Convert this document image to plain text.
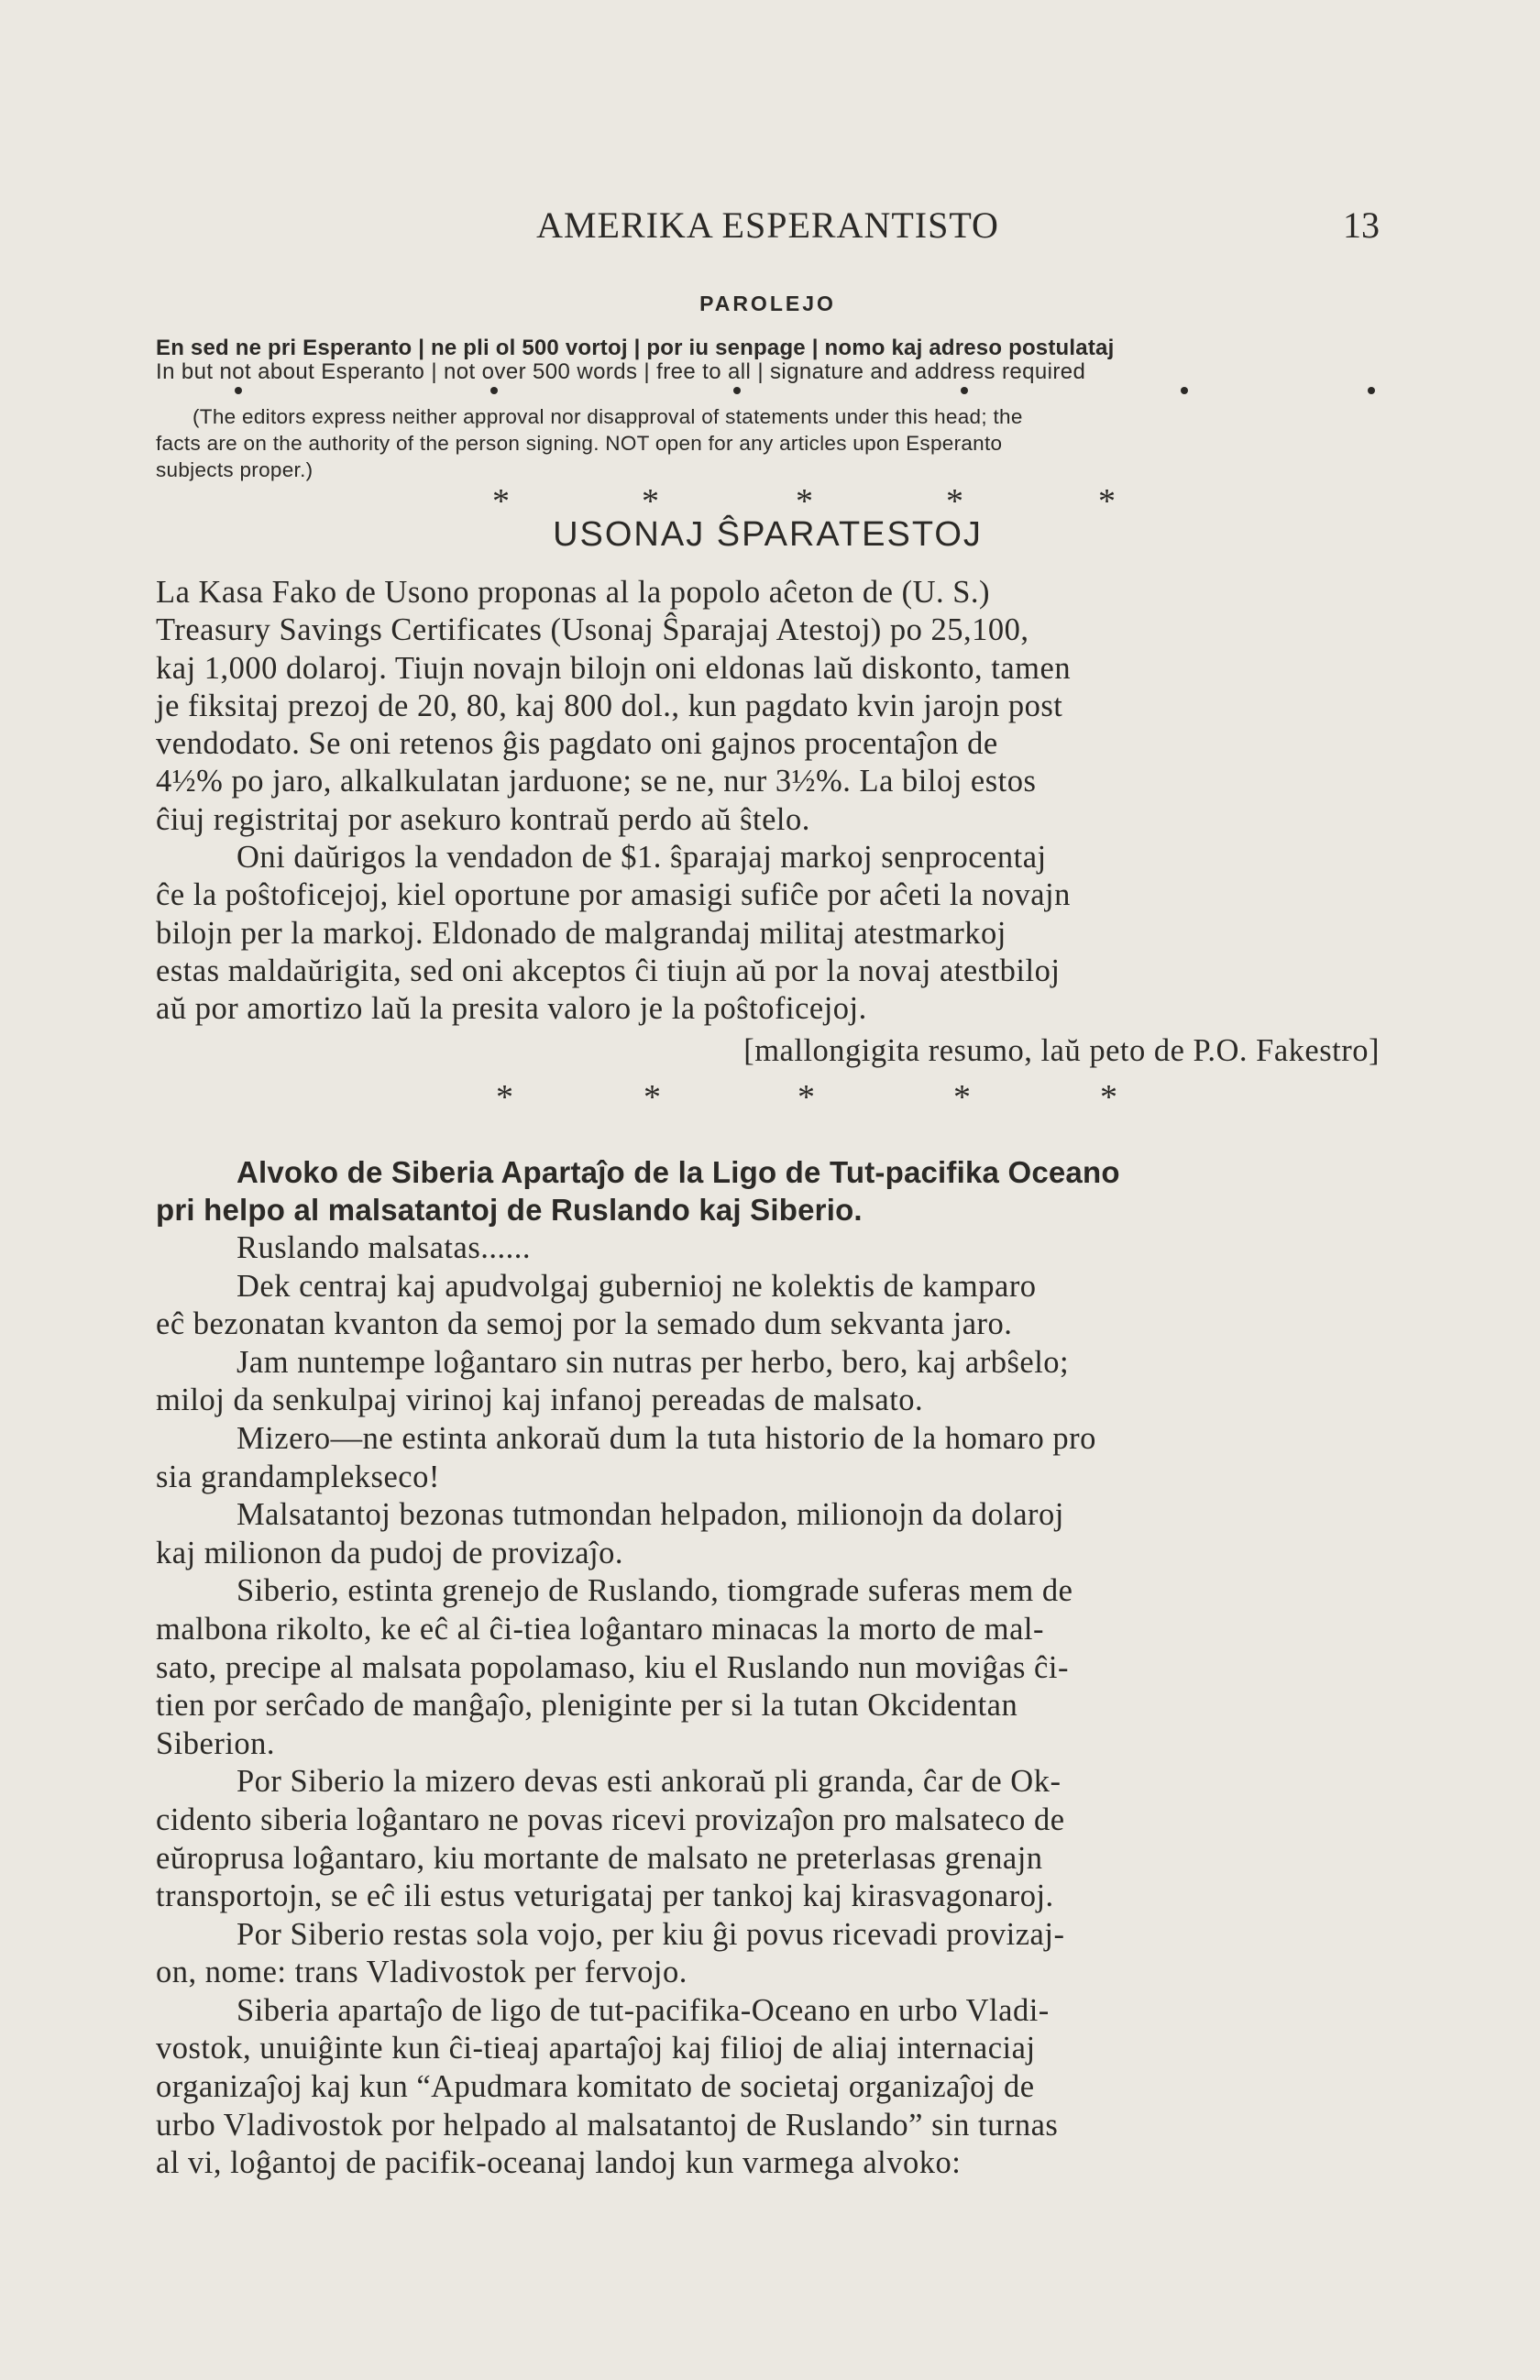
AMERIKA ESPERANTISTO	13
PAROLEJO
En sed ne pri Esperanto | ne pli ol 500 vortoj | por iu senpage | nomo kaj adreso postulataj
In but not about Esperanto | not over 500 words | free to all | signature and address required
(The editors express neither approval nor disapproval of statements under this head; the
facts are on the authority of the person signing. NOT open for any articles upon Esperanto
subjects proper.)
*	*	*	*	*
USONAJ ŜPARATESTOJ
La Kasa Fako de Usono proponas al la popolo aĉeton de (U. S.)
Treasury Savings Certificates (Usonaj Ŝparajaj Atestoj) po 25,100,
kaj 1,000 dolaroj. Tiujn novajn bilojn oni eldonas laŭ diskonto, tamen
je fiksitaj prezoj de 20, 80, kaj 800 dol., kun pagdato kvin jarojn post
vendodato. Se oni retenos ĝis pagdato oni gajnos procentaĵon de
4½% po jaro, alkalkulatan jarduone; se ne, nur 3½%. La biloj estos
ĉiuj registritaj por asekuro kontraŭ perdo aŭ ŝtelo.
Oni daŭrigos la vendadon de $1. ŝparajaj markoj senprocentaj
ĉe la poŝtoficejoj, kiel oportune por amasigi sufiĉe por aĉeti la novajn
bilojn per la markoj. Eldonado de malgrandaj militaj atestmarkoj
estas maldaŭrigita, sed oni akceptos ĉi tiujn aŭ por la novaj atestbiloj
aŭ por amortizo laŭ la presita valoro je la poŝtoficejoj.
[mallongigita resumo, laŭ peto de P.O. Fakestro]
*	*	*	*	*
Alvoko de Siberia Apartaĵo de la Ligo de Tut-pacifika Oceano
pri helpo al malsatantoj de Ruslando kaj Siberio.
Ruslando malsatas......
Dek centraj kaj apudvolgaj gubernioj ne kolektis de kamparo
eĉ bezonatan kvanton da semoj por la semado dum sekvanta jaro.
Jam nuntempe loĝantaro sin nutras per herbo, bero, kaj arbŝelo;
miloj da senkulpaj virinoj kaj infanoj pereadas de malsato.
Mizero—ne estinta ankoraŭ dum la tuta historio de la homaro pro
sia grandamplekseco!
Malsatantoj bezonas tutmondan helpadon, milionojn da dolaroj
kaj milionon da pudoj de provizaĵo.
Siberio, estinta grenejo de Ruslando, tiomgrade suferas mem de
malbona rikolto, ke eĉ al ĉi-tiea loĝantaro minacas la morto de mal-
sato, precipe al malsata popolamaso, kiu el Ruslando nun moviĝas ĉi-
tien por serĉado de manĝaĵo, pleniginte per si la tutan Okcidentan
Siberion.
Por Siberio la mizero devas esti ankoraŭ pli granda, ĉar de Ok-
cidento siberia loĝantaro ne povas ricevi provizaĵon pro malsateco de
eŭroprusa loĝantaro, kiu mortante de malsato ne preterlasas grenajn
transportojn, se eĉ ili estus veturigataj per tankoj kaj kirasvagonaroj.
Por Siberio restas sola vojo, per kiu ĝi povus ricevadi provizaj-
on, nome: trans Vladivostok per fervojo.
Siberia apartaĵo de ligo de tut-pacifika-Oceano en urbo Vladi-
vostok, unuiĝinte kun ĉi-tieaj apartaĵoj kaj filioj de aliaj internaciaj
organizaĵoj kaj kun “Apudmara komitato de societaj organizaĵoj de
urbo Vladivostok por helpado al malsatantoj de Ruslando” sin turnas
al vi, loĝantoj de pacifik-oceanaj landoj kun varmega alvoko:
